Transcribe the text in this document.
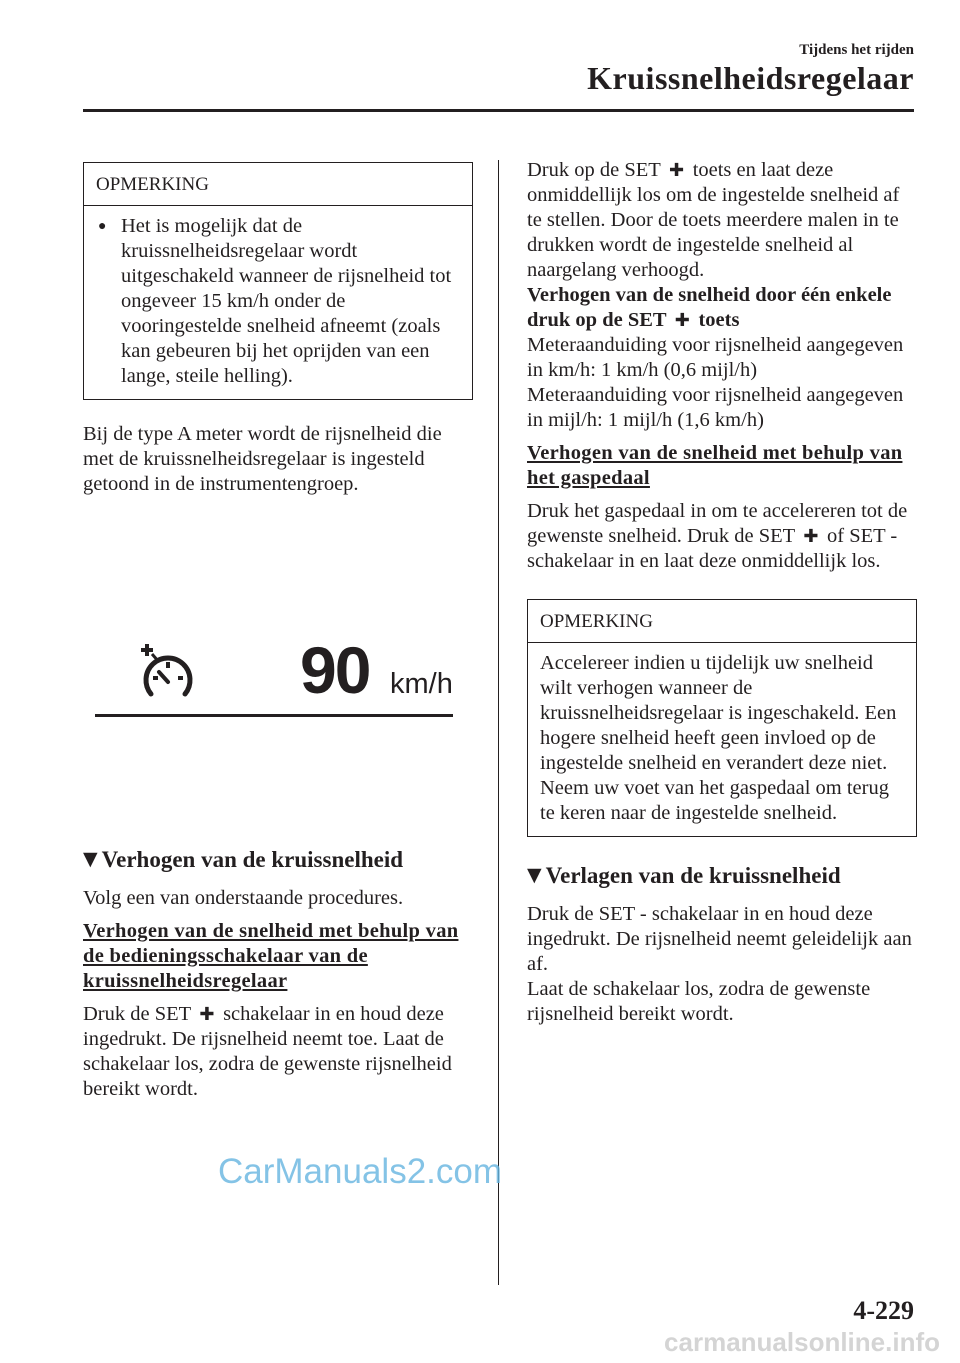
Tijdens het rijden
Kruissnelheidsregelaar
OPMERKING
● Het is mogelijk dat de kruissnelheidsregelaar wordt uitgeschakeld wanneer de rijsnelheid tot ongeveer 15 km/h onder de vooringestelde snelheid afneemt (zoals kan gebeuren bij het oprijden van een lange, steile helling).

Bij de type A meter wordt de rijsnelheid die met de kruissnelheidsregelaar is ingesteld getoond in de instrumentengroep.

90 km/h
▼ Verhogen van de kruissnelheid

Volg een van onderstaande procedures.

Verhogen van de snelheid met behulp van de bedieningsschakelaar van de kruissnelheidsregelaar

Druk de SET ✚ schakelaar in en houd deze ingedrukt. De rijsnelheid neemt toe. Laat de schakelaar los, zodra de gewenste rijsnelheid bereikt wordt.

Druk op de SET ✚ toets en laat deze onmiddellijk los om de ingestelde snelheid af te stellen. Door de toets meerdere malen in te drukken wordt de ingestelde snelheid al naargelang verhoogd.

Verhogen van de snelheid door één enkele druk op de SET ✚ toets

Meteraanduiding voor rijsnelheid aangegeven in km/h: 1 km/h (0,6 mijl/h)

Meteraanduiding voor rijsnelheid aangegeven in mijl/h: 1 mijl/h (1,6 km/h)

Verhogen van de snelheid met behulp van het gaspedaal

Druk het gaspedaal in om te accelereren tot de gewenste snelheid. Druk de SET ✚ of SET - schakelaar in en laat deze onmiddellijk los.

OPMERKING

Accelereer indien u tijdelijk uw snelheid wilt verhogen wanneer de kruissnelheidsregelaar is ingeschakeld. Een hogere snelheid heeft geen invloed op de ingestelde snelheid en verandert deze niet.

Neem uw voet van het gaspedaal om terug te keren naar de ingestelde snelheid.

▼ Verlagen van de kruissnelheid

Druk de SET - schakelaar in en houd deze ingedrukt. De rijsnelheid neemt geleidelijk aan af.

Laat de schakelaar los, zodra de gewenste rijsnelheid bereikt wordt.

CarManuals2.com
4-229
carmanualsonline.info
